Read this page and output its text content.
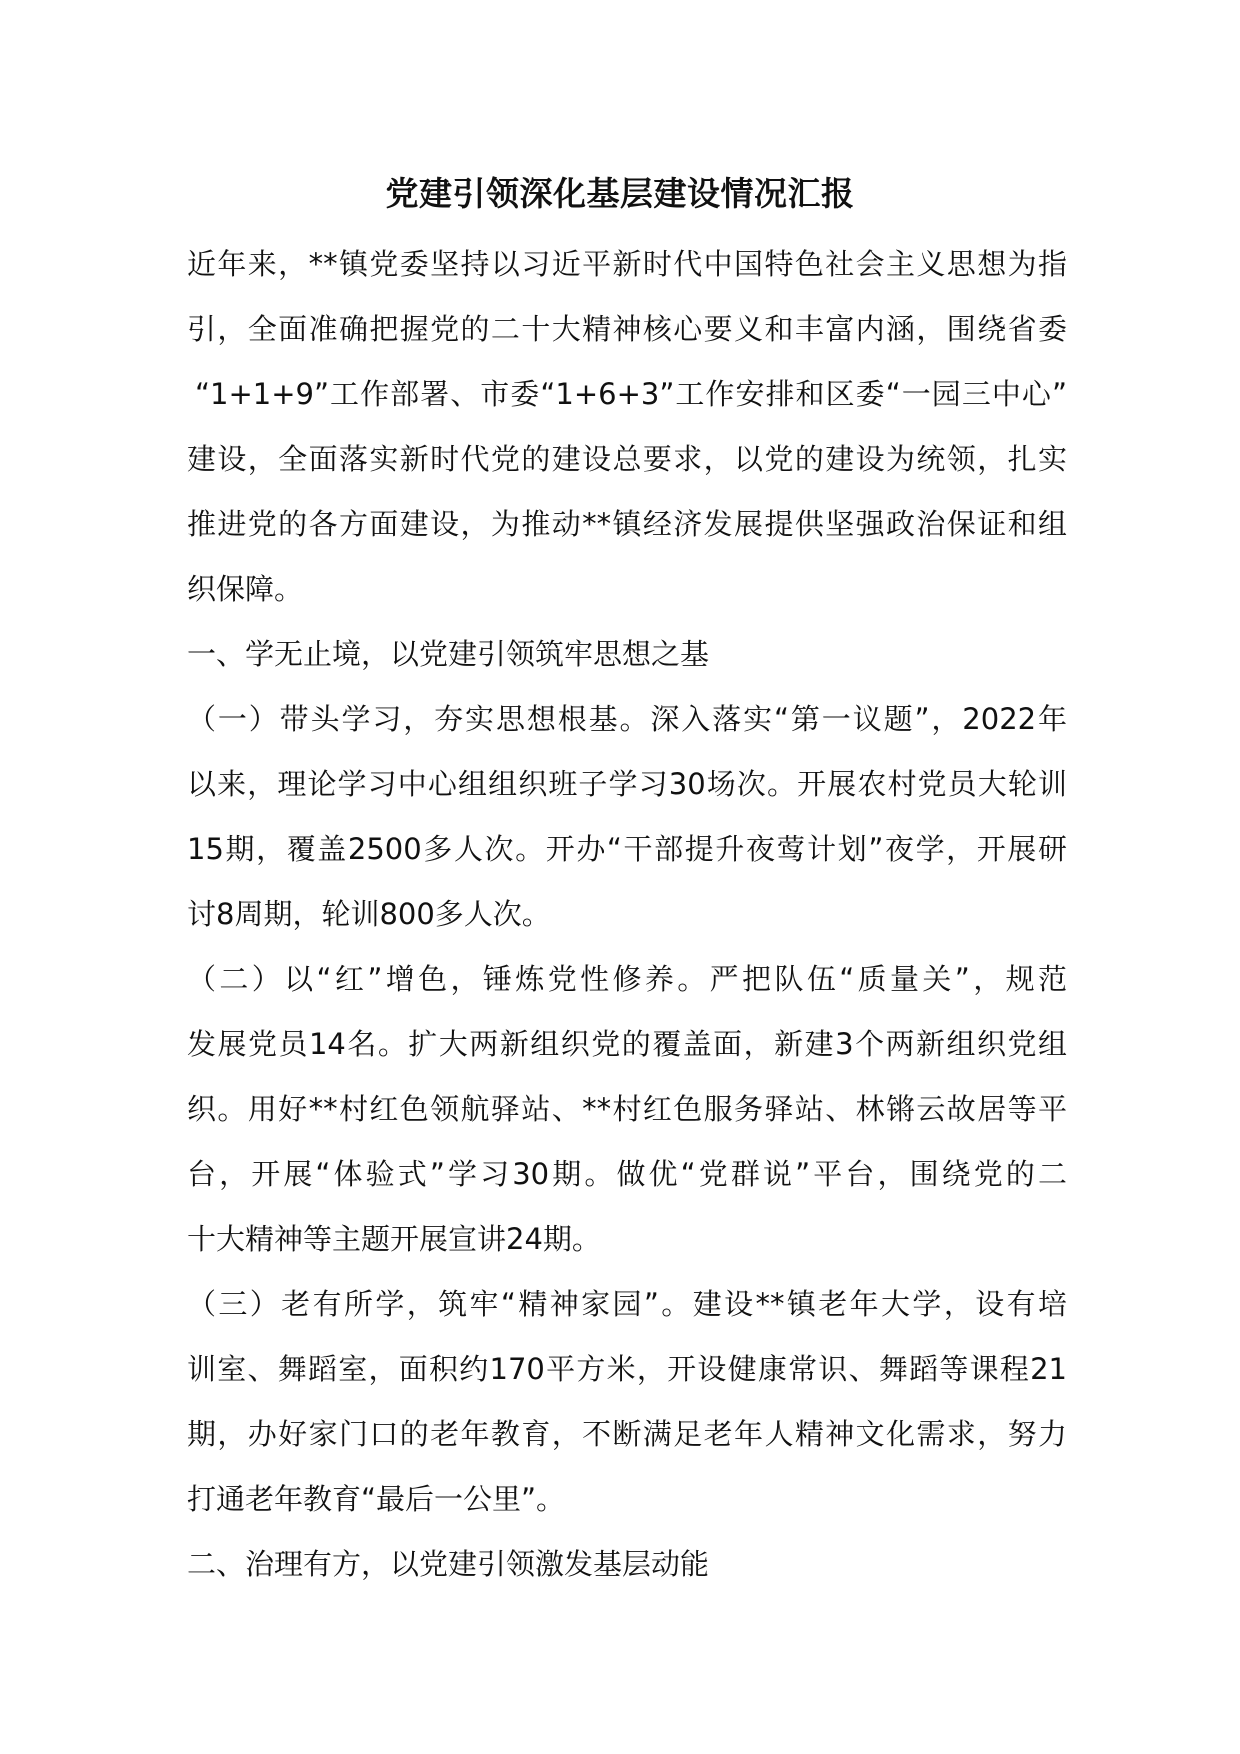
党建引领深化基层建设情况汇报
近年来，**镇党委坚持以习近平新时代中国特色社会主义思想为指
引，全面准确把握党的二十大精神核心要义和丰富内涵，围绕省委
“1+1+9”工作部署、市委“1+6+3”工作安排和区委“一园三中心”
建设，全面落实新时代党的建设总要求，以党的建设为统领，扎实
推进党的各方面建设，为推动**镇经济发展提供坚强政治保证和组
织保障。
一、学无止境，以党建引领筑牢思想之基
（一）带头学习，夯实思想根基。深入落实“第一议题”，2022年
以来，理论学习中心组组织班子学习30场次。开展农村党员大轮训
15期，覆盖2500多人次。开办“干部提升夜莺计划”夜学，开展研
讨8周期，轮训800多人次。
（二）以“红”增色，锤炼党性修养。严把队伍“质量关”，规范
发展党员14名。扩大两新组织党的覆盖面，新建3个两新组织党组
织。用好**村红色领航驿站、**村红色服务驿站、林锵云故居等平
台，开展“体验式”学习30期。做优“党群说”平台，围绕党的二
十大精神等主题开展宣讲24期。
（三）老有所学，筑牢“精神家园”。建设**镇老年大学，设有培
训室、舞蹈室，面积约170平方米，开设健康常识、舞蹈等课程21
期，办好家门口的老年教育，不断满足老年人精神文化需求，努力
打通老年教育“最后一公里”。
二、治理有方，以党建引领激发基层动能
